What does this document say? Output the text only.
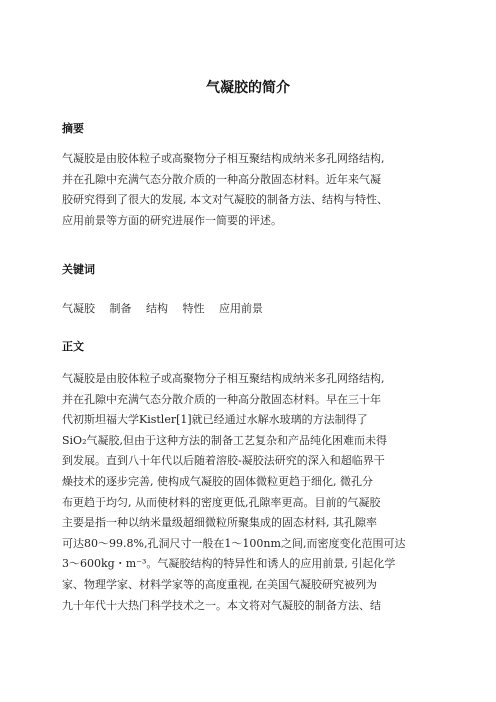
气凝胶的简介
摘要
气凝胶是由胶体粒子或高聚物分子相互聚结构成纳米多孔网络结构,
并在孔隙中充满气态分散介质的一种高分散固态材料。近年来气凝
胶研究得到了很大的发展, 本文对气凝胶的制备方法、结构与特性、
应用前景等方面的研究进展作一简要的评述。
关键词
气凝胶 制备 结构 特性 应用前景
正文
气凝胶是由胶体粒子或高聚物分子相互聚结构成纳米多孔网络结构,
并在孔隙中充满气态分散介质的一种高分散固态材料。早在三十年
代初斯坦福大学Kistler[1]就已经通过水解水玻璃的方法制得了
SiO₂气凝胶,但由于这种方法的制备工艺复杂和产品纯化困难而未得
到发展。直到八十年代以后随着溶胶-凝胶法研究的深入和超临界干
燥技术的逐步完善, 使构成气凝胶的固体微粒更趋于细化, 微孔分
布更趋于均匀, 从而使材料的密度更低,孔隙率更高。目前的气凝胶
主要是指一种以纳米量级超细微粒所聚集成的固态材料, 其孔隙率
可达80～99.8%,孔洞尺寸一般在1～100nm之间,而密度变化范围可达
3～600kg・m⁻³。气凝胶结构的特异性和诱人的应用前景, 引起化学
家、物理学家、材料学家等的高度重视, 在美国气凝胶研究被列为
九十年代十大热门科学技术之一。本文将对气凝胶的制备方法、结
